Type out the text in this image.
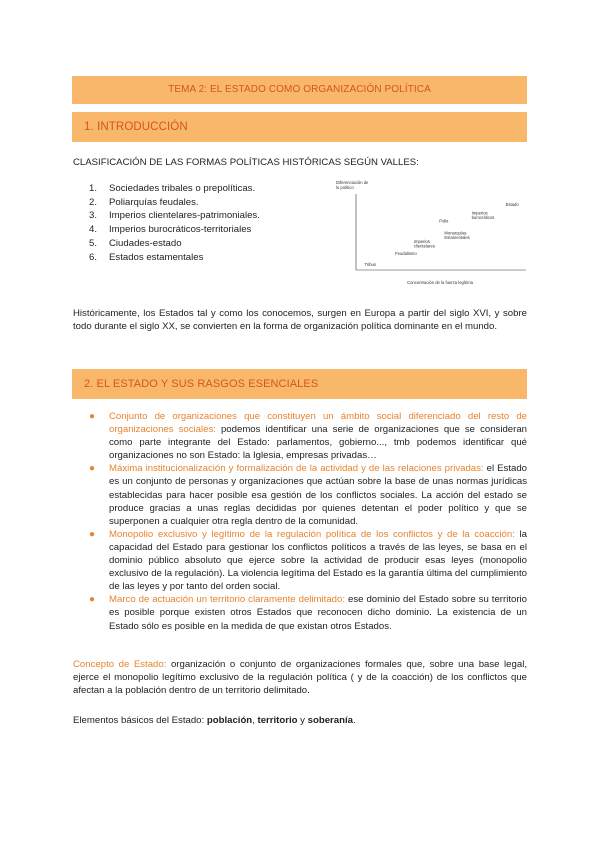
TEMA 2: EL ESTADO COMO ORGANIZACIÓN POLÍTICA
1. INTRODUCCIÓN
CLASIFICACIÓN DE LAS FORMAS POLÍTICAS HISTÓRICAS SEGÚN VALLES:
1. Sociedades tribales o prepolíticas.
2. Poliarquías feudales.
3. Imperios clientelares-patrimoniales.
4. Imperios burocráticos-territoriales
5. Ciudades-estado
6. Estados estamentales
Diferenciación de lo político
Concentración de la fuerza legítima
Tribus
Feudalismo
Imperios clientelares
Monarquías Estamentales
Polis
Imperios burocráticos
Estado
Históricamente, los Estados tal y como los conocemos, surgen en Europa a partir del siglo XVI, y sobre todo durante el siglo XX, se convierten en la forma de organización política dominante en el mundo.
2. EL ESTADO Y SUS RASGOS ESENCIALES
● Conjunto de organizaciones que constituyen un ámbito social diferenciado del resto de organizaciones sociales: podemos identificar una serie de organizaciones que se consideran como parte integrante del Estado: parlamentos, gobierno..., tmb podemos identificar qué organizaciones no son Estado: la Iglesia, empresas privadas…
● Máxima institucionalización y formalización de la actividad y de las relaciones privadas: el Estado es un conjunto de personas y organizaciones que actúan sobre la base de unas normas jurídicas establecidas para hacer posible esa gestión de los conflictos sociales. La acción del estado se produce gracias a unas reglas decididas por quienes detentan el poder político y que se superponen a cualquier otra regla dentro de la comunidad.
● Monopolio exclusivo y legítimo de la regulación política de los conflictos y de la coacción: la capacidad del Estado para gestionar los conflictos políticos a través de las leyes, se basa en el dominio público absoluto que ejerce sobre la actividad de producir esas leyes (monopolio exclusivo de la regulación). La violencia legítima del Estado es la garantía última del cumplimiento de las leyes y por tanto del orden social.
● Marco de actuación un territorio claramente delimitado: ese dominio del Estado sobre su territorio es posible porque existen otros Estados que reconocen dicho dominio. La existencia de un Estado sólo es posible en la medida de que existan otros Estados.
Concepto de Estado: organización o conjunto de organizaciones formales que, sobre una base legal, ejerce el monopolio legítimo exclusivo de la regulación política ( y de la coacción) de los conflictos que afectan a la población dentro de un territorio delimitado.
Elementos básicos del Estado: población, territorio y soberanía.
